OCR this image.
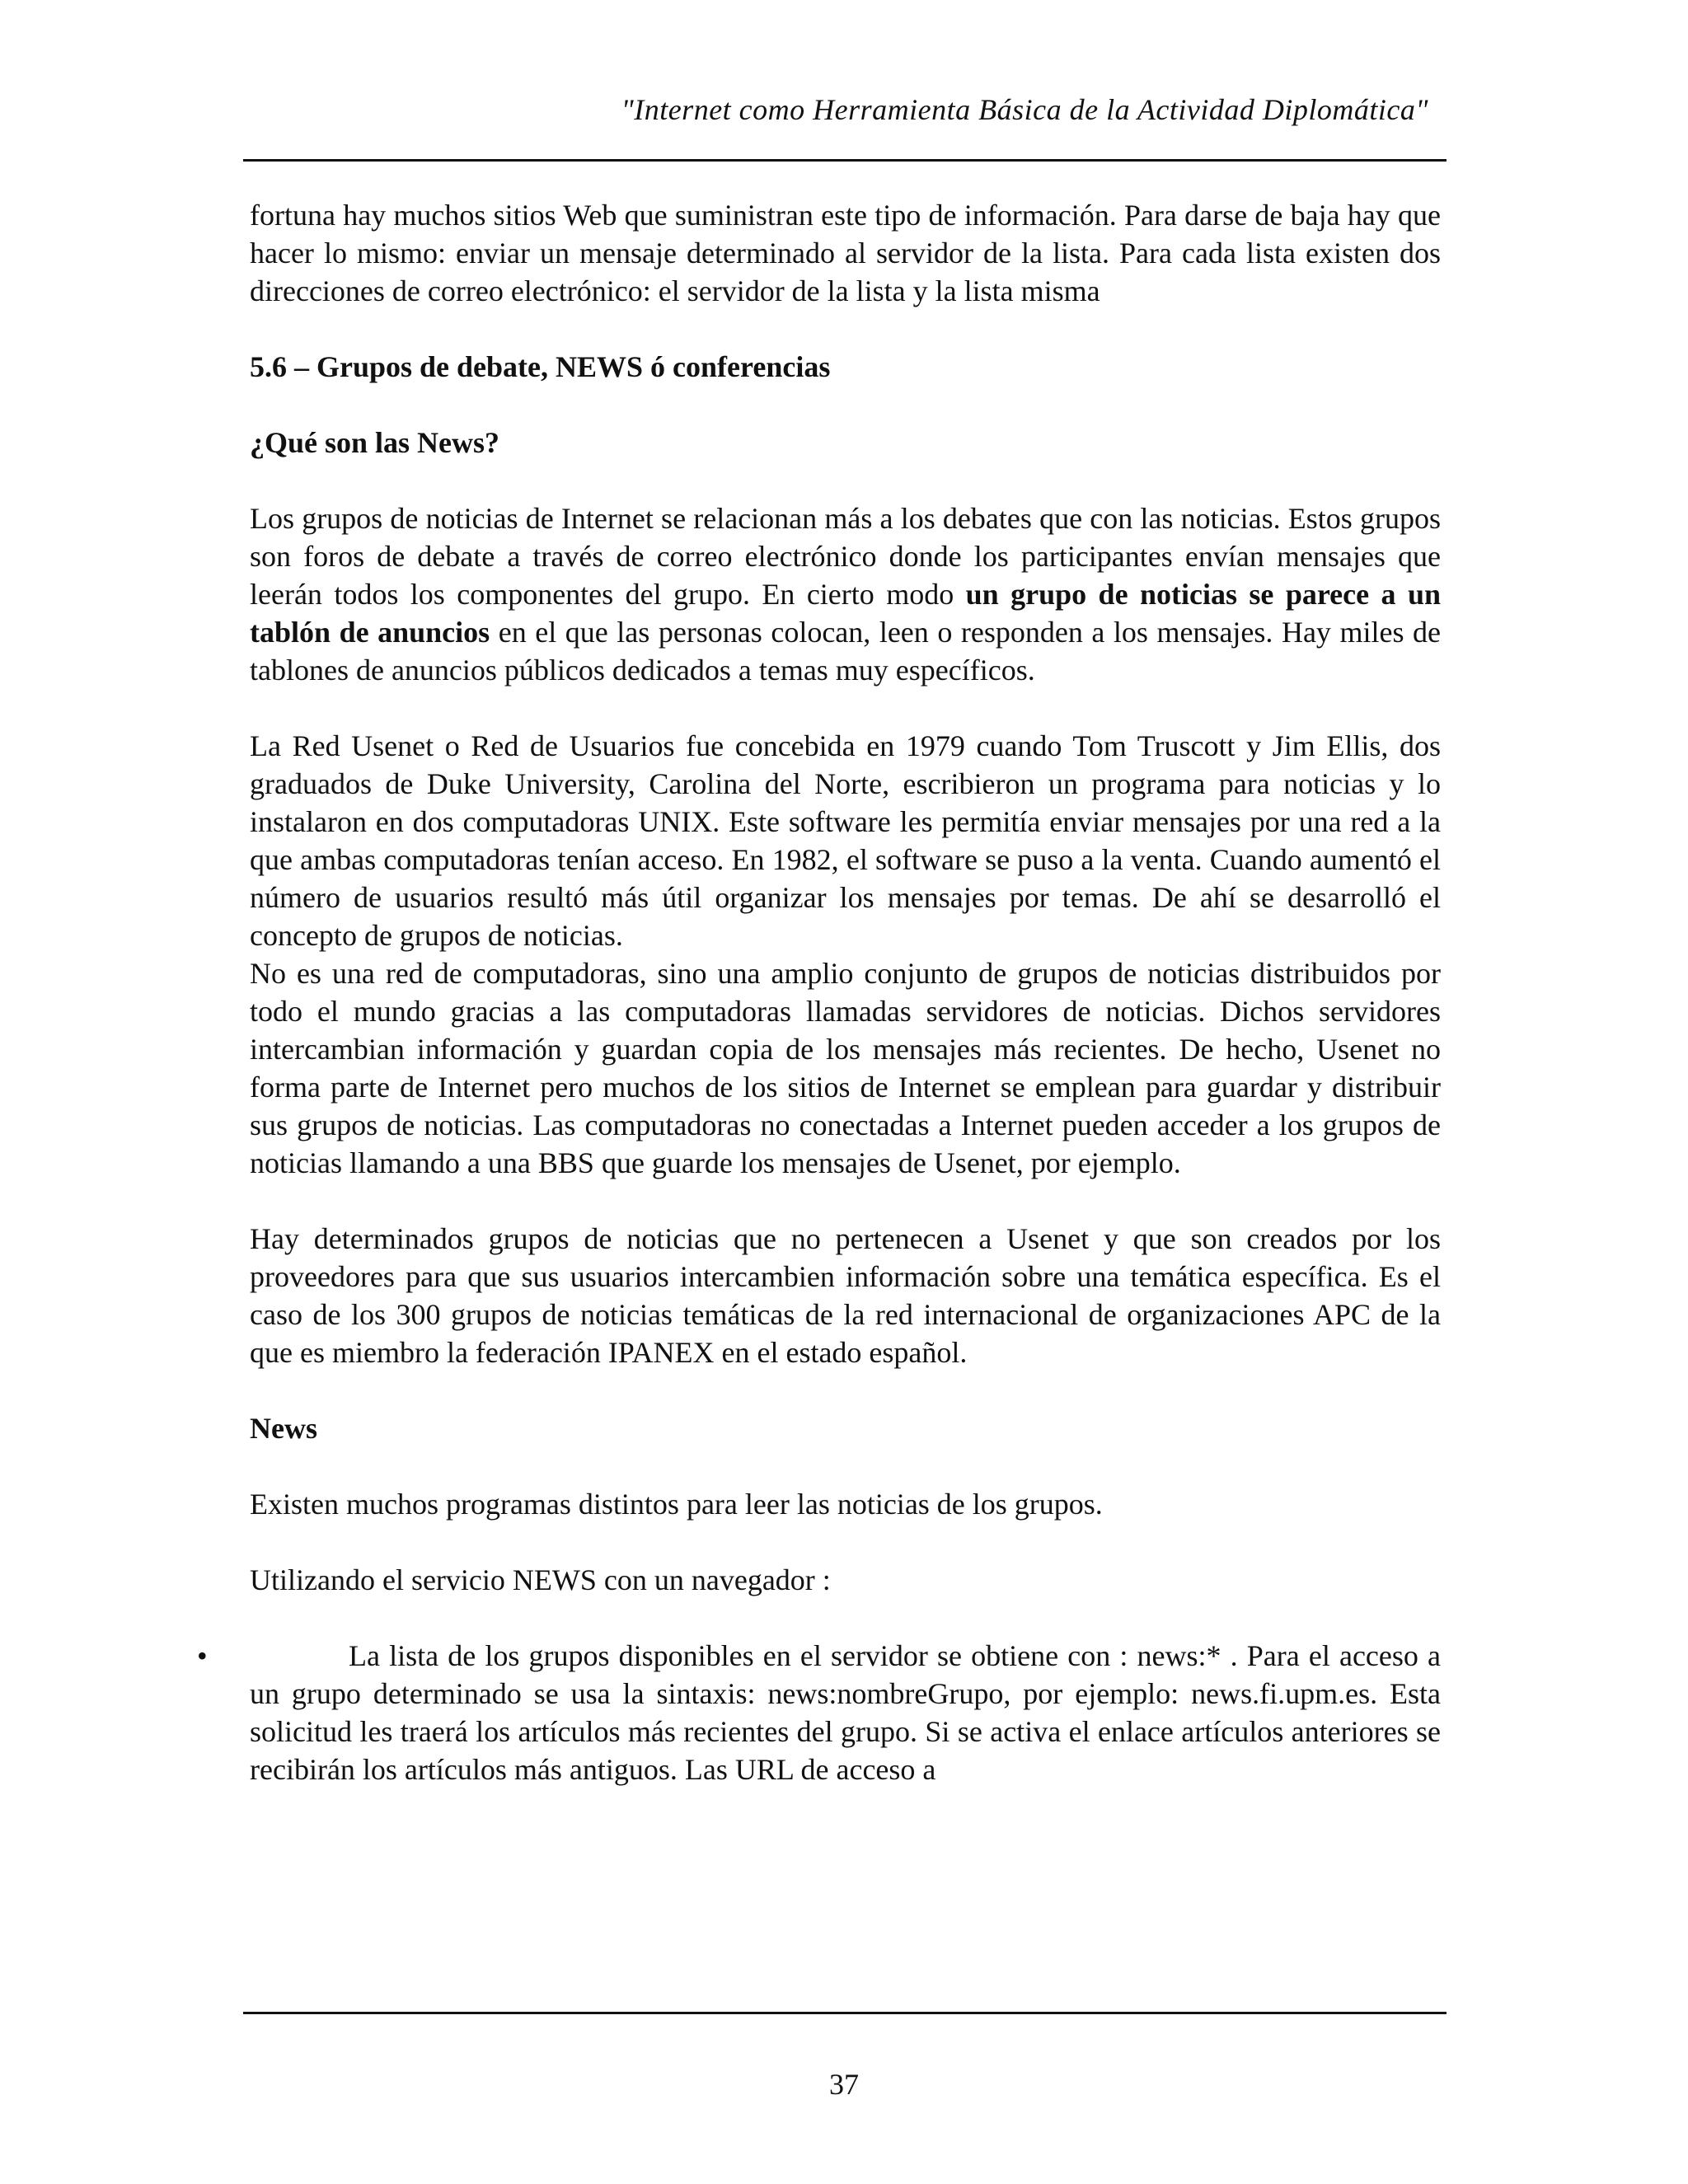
"Internet como Herramienta Básica de la Actividad Diplomática"

fortuna hay muchos sitios Web que suministran este tipo de información. Para darse de baja hay que hacer lo mismo: enviar un mensaje determinado al servidor de la lista. Para cada lista existen dos direcciones de correo electrónico: el servidor de la lista y la lista misma

5.6 – Grupos de debate, NEWS ó conferencias

¿Qué son las News?

Los grupos de noticias de Internet se relacionan más a los debates que con las noticias. Estos grupos son foros de debate a través de correo electrónico donde los participantes envían mensajes que leerán todos los componentes del grupo. En cierto modo un grupo de noticias se parece a un tablón de anuncios en el que las personas colocan, leen o responden a los mensajes. Hay miles de tablones de anuncios públicos dedicados a temas muy específicos.

La Red Usenet o Red de Usuarios fue concebida en 1979 cuando Tom Truscott y Jim Ellis, dos graduados de Duke University, Carolina del Norte, escribieron un programa para noticias y lo instalaron en dos computadoras UNIX. Este software les permitía enviar mensajes por una red a la que ambas computadoras tenían acceso. En 1982, el software se puso a la venta. Cuando aumentó el número de usuarios resultó más útil organizar los mensajes por temas. De ahí se desarrolló el concepto de grupos de noticias.

No es una red de computadoras, sino una amplio conjunto de grupos de noticias distribuidos por todo el mundo gracias a las computadoras llamadas servidores de noticias. Dichos servidores intercambian información y guardan copia de los mensajes más recientes. De hecho, Usenet no forma parte de Internet pero muchos de los sitios de Internet se emplean para guardar y distribuir sus grupos de noticias. Las computadoras no conectadas a Internet pueden acceder a los grupos de noticias llamando a una BBS que guarde los mensajes de Usenet, por ejemplo.

Hay determinados grupos de noticias que no pertenecen a Usenet y que son creados por los proveedores para que sus usuarios intercambien información sobre una temática específica. Es el caso de los 300 grupos de noticias temáticas de la red internacional de organizaciones APC de la que es miembro la federación IPANEX en el estado español.

News

Existen muchos programas distintos para leer las noticias de los grupos.

Utilizando el servicio NEWS con un navegador :

•	La lista de los grupos disponibles en el servidor se obtiene con : news:* . Para el acceso a un grupo determinado se usa la sintaxis: news:nombreGrupo, por ejemplo: news.fi.upm.es. Esta solicitud les traerá los artículos más recientes del grupo. Si se activa el enlace artículos anteriores se recibirán los artículos más antiguos. Las URL de acceso a

37
